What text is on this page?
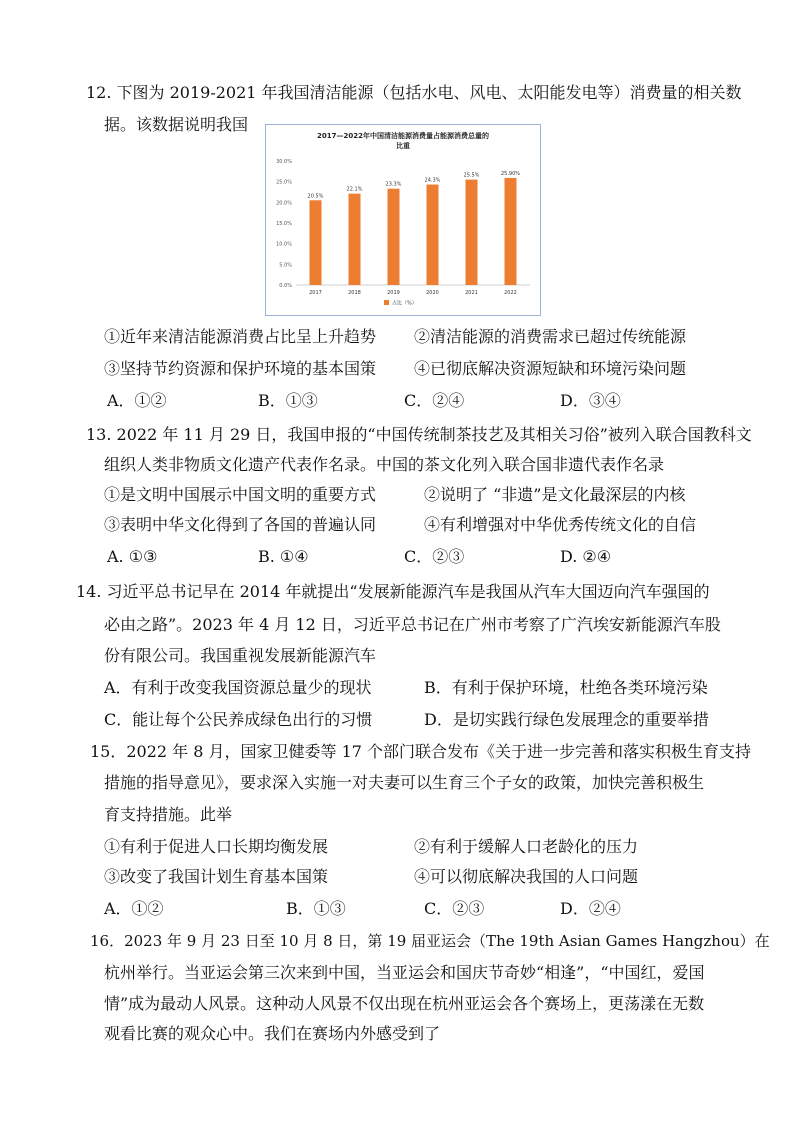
12. 下图为 2019-2021 年我国清洁能源（包括水电、风电、太阳能发电等）消费量的相关数
据。该数据说明我国
2017—2022年中国清洁能源消费量占能源消费总量的
比重
0.0%
5.0%
10.0%
15.0%
20.0%
25.0%
30.0%
20.5%
2017
22.1%
2018
23.3%
2019
24.3%
2020
25.5%
2021
25.90%
2022
占比（%）
①近年来清洁能源消费占比呈上升趋势 ②清洁能源的消费需求已超过传统能源
③坚持节约资源和保护环境的基本国策 ④已彻底解决资源短缺和环境污染问题
A．①②	B．①③	C．②④	D．③④
13. 2022 年 11 月 29 日，我国申报的“中国传统制茶技艺及其相关习俗”被列入联合国教科文
组织人类非物质文化遗产代表作名录。中国的茶文化列入联合国非遗代表作名录
①是文明中国展示中国文明的重要方式	②说明了 “非遗”是文化最深层的内核
③表明中华文化得到了各国的普遍认同	④有利增强对中华优秀传统文化的自信
A. ①③	B. ①④	C．②③	D. ②④
14. 习近平总书记早在 2014 年就提出“发展新能源汽车是我国从汽车大国迈向汽车强国的
必由之路”。2023 年 4 月 12 日，习近平总书记在广州市考察了广汽埃安新能源汽车股
份有限公司。我国重视发展新能源汽车
A．有利于改变我国资源总量少的现状	B．有利于保护环境，杜绝各类环境污染
C．能让每个公民养成绿色出行的习惯	D．是切实践行绿色发展理念的重要举措
15．2022 年 8 月，国家卫健委等 17 个部门联合发布《关于进一步完善和落实积极生育支持
措施的指导意见》，要求深入实施一对夫妻可以生育三个子女的政策，加快完善积极生
育支持措施。此举
①有利于促进人口长期均衡发展	②有利于缓解人口老龄化的压力
③改变了我国计划生育基本国策	④可以彻底解决我国的人口问题
A．①②	B．①③	C．②③	D．②④
16．2023 年 9 月 23 日至 10 月 8 日，第 19 届亚运会（The 19th Asian Games Hangzhou）在
杭州举行。当亚运会第三次来到中国，当亚运会和国庆节奇妙“相逢”，“中国红，爱国
情”成为最动人风景。这种动人风景不仅出现在杭州亚运会各个赛场上，更荡漾在无数
观看比赛的观众心中。我们在赛场内外感受到了
